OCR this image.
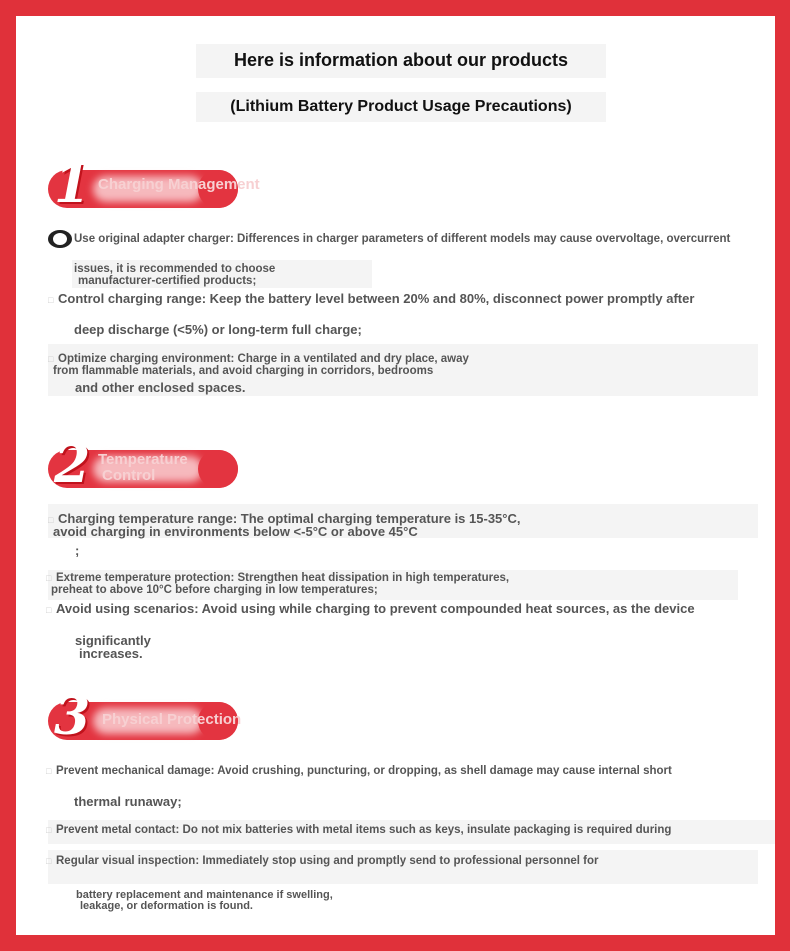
Here is information about our products
(Lithium Battery Product Usage Precautions)
1 Charging Management
Use original adapter charger: Differences in charger parameters of different models may cause overvoltage, overcurrent
issues, it is recommended to choose
manufacturer-certified products;
□ Control charging range: Keep the battery level between 20% and 80%, disconnect power promptly after
deep discharge (<5%) or long-term full charge;
□ Optimize charging environment: Charge in a ventilated and dry place, away
from flammable materials, and avoid charging in corridors, bedrooms
and other enclosed spaces.
2 Temperature
Control
□ Charging temperature range: The optimal charging temperature is 15-35°C,
avoid charging in environments below <-5°C or above 45°C
;
□ Extreme temperature protection: Strengthen heat dissipation in high temperatures,
preheat to above 10°C before charging in low temperatures;
□ Avoid using scenarios: Avoid using while charging to prevent compounded heat sources, as the device
significantly
increases.
3 Physical Protection
□ Prevent mechanical damage: Avoid crushing, puncturing, or dropping, as shell damage may cause internal short
thermal runaway;
□ Prevent metal contact: Do not mix batteries with metal items such as keys, insulate packaging is required during
□ Regular visual inspection: Immediately stop using and promptly send to professional personnel for
battery replacement and maintenance if swelling,
leakage, or deformation is found.
